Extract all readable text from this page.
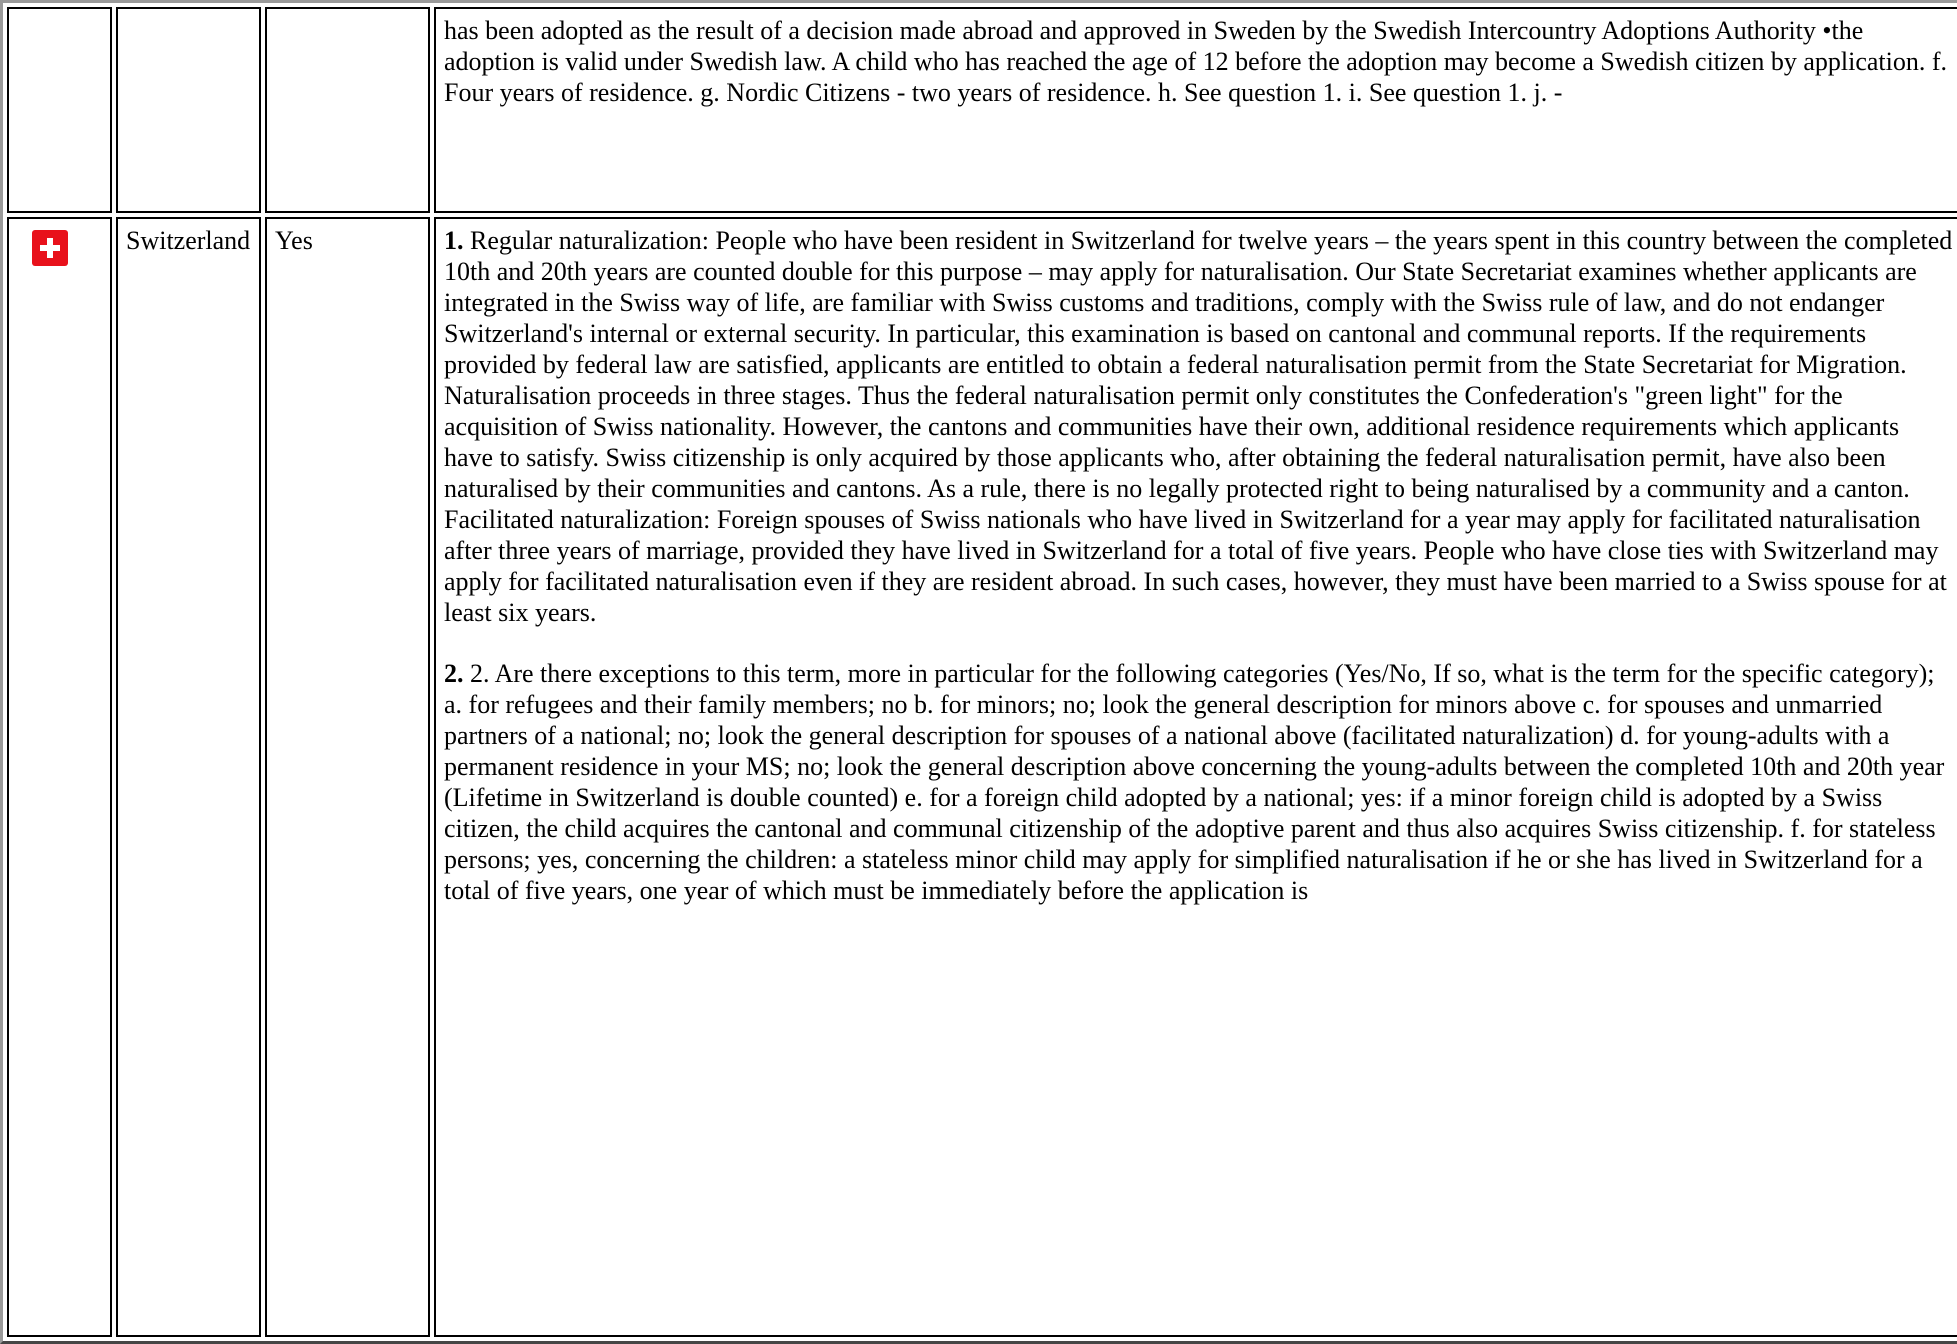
			has been adopted as the result of a decision made abroad and approved in Sweden by the Swedish Intercountry Adoptions Authority •the adoption is valid under Swedish law. A child who has reached the age of 12 before the adoption may become a Swedish citizen by application. f. Four years of residence. g. Nordic Citizens - two years of residence. h. See question 1. i. See question 1. j. -

	Switzerland	Yes	1. Regular naturalization: People who have been resident in Switzerland for twelve years – the years spent in this country between the completed 10th and 20th years are counted double for this purpose – may apply for naturalisation. Our State Secretariat examines whether applicants are integrated in the Swiss way of life, are familiar with Swiss customs and traditions, comply with the Swiss rule of law, and do not endanger Switzerland's internal or external security. In particular, this examination is based on cantonal and communal reports. If the requirements provided by federal law are satisfied, applicants are entitled to obtain a federal naturalisation permit from the State Secretariat for Migration. Naturalisation proceeds in three stages. Thus the federal naturalisation permit only constitutes the Confederation's "green light" for the acquisition of Swiss nationality. However, the cantons and communities have their own, additional residence requirements which applicants have to satisfy. Swiss citizenship is only acquired by those applicants who, after obtaining the federal naturalisation permit, have also been naturalised by their communities and cantons. As a rule, there is no legally protected right to being naturalised by a community and a canton. Facilitated naturalization: Foreign spouses of Swiss nationals who have lived in Switzerland for a year may apply for facilitated naturalisation after three years of marriage, provided they have lived in Switzerland for a total of five years. People who have close ties with Switzerland may apply for facilitated naturalisation even if they are resident abroad. In such cases, however, they must have been married to a Swiss spouse for at least six years.

2. 2. Are there exceptions to this term, more in particular for the following categories (Yes/No, If so, what is the term for the specific category); a. for refugees and their family members; no b. for minors; no; look the general description for minors above c. for spouses and unmarried partners of a national; no; look the general description for spouses of a national above (facilitated naturalization) d. for young-adults with a permanent residence in your MS; no; look the general description above concerning the young-adults between the completed 10th and 20th year (Lifetime in Switzerland is double counted) e. for a foreign child adopted by a national; yes: if a minor foreign child is adopted by a Swiss citizen, the child acquires the cantonal and communal citizenship of the adoptive parent and thus also acquires Swiss citizenship. f. for stateless persons; yes, concerning the children: a stateless minor child may apply for simplified naturalisation if he or she has lived in Switzerland for a total of five years, one year of which must be immediately before the application is
